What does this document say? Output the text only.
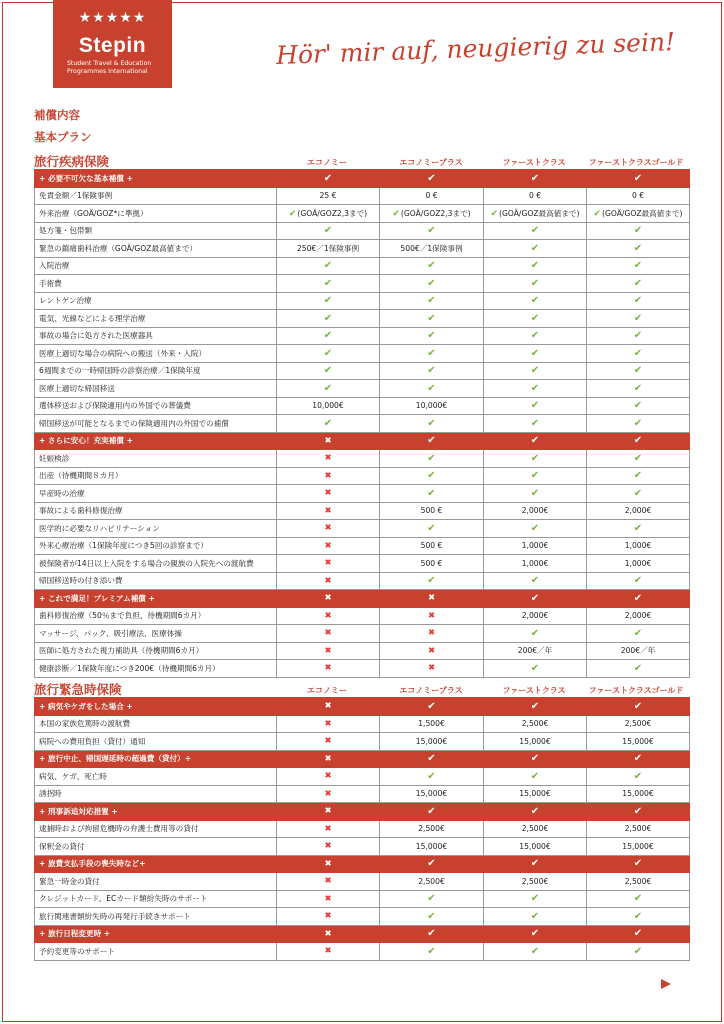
★★★★★
Stepin
Student Travel & Education
Programmes International
Hör' mir auf, neugierig zu sein!
補償内容
基本プラン
旅行疾病保険	エコノミー	エコノミープラス	ファーストクラス	ファーストクラスゴールド
+ 必要不可欠な基本補償 +	✔	✔	✔	✔
免責金額／1保険事例	25 €	0 €	0 €	0 €
外来治療（GOÄ/GOZ*に準拠）	✔(GOÄ/GOZ2,3まで)	✔(GOÄ/GOZ2,3まで)	✔(GOÄ/GOZ最高値まで)	✔(GOÄ/GOZ最高値まで)
処方箋・包帯類	✔	✔	✔	✔
緊急の鎮痛歯科治療（GOÄ/GOZ最高値まで）	250€／1保険事例	500€／1保険事例	✔	✔
入院治療	✔	✔	✔	✔
手術費	✔	✔	✔	✔
レントゲン治療	✔	✔	✔	✔
電気、光線などによる理学治療	✔	✔	✔	✔
事故の場合に処方された医療器具	✔	✔	✔	✔
医療上適切な場合の病院への搬送（外来・入院）	✔	✔	✔	✔
6週間までの一時帰国時の診察治療／1保険年度	✔	✔	✔	✔
医療上適切な帰国移送	✔	✔	✔	✔
遺体移送および保険適用内の外国での葬儀費	10,000€	10,000€	✔	✔
帰国移送が可能となるまでの保険適用内の外国での補償	✔	✔	✔	✔
+ さらに安心！充実補償 +	✖	✔	✔	✔
妊娠検診	✖	✔	✔	✔
出産（待機期間８カ月）	✖	✔	✔	✔
早産時の治療	✖	✔	✔	✔
事故による歯科修復治療	✖	500 €	2,000€	2,000€
医学的に必要なリハビリテーション	✖	✔	✔	✔
外来心療治療（1保険年度につき5回の診察まで）	✖	500 €	1,000€	1,000€
被保険者が14日以上入院をする場合の親族の入院先への渡航費	✖	500 €	1,000€	1,000€
帰国移送時の付き添い費	✖	✔	✔	✔
+ これで満足！プレミアム補償 +	✖	✖	✔	✔
歯科修復治療（50％まで負担、待機期間6カ月）	✖	✖	2,000€	2,000€
マッサージ、パック、吸引療法、医療体操	✖	✖	✔	✔
医師に処方された視力補助具（待機期間6カ月）	✖	✖	200€／年	200€／年
健康診断／1保険年度につき200€（待機期間6カ月）	✖	✖	✔	✔
旅行緊急時保険	エコノミー	エコノミープラス	ファーストクラス	ファーストクラスゴールド
+ 病気やケガをした場合 +	✖	✔	✔	✔
本国の家族危篤時の渡航費	✖	1,500€	2,500€	2,500€
病院への費用負担（貸付）通知	✖	15,000€	15,000€	15,000€
+ 旅行中止、帰国遅延時の超過費（貸付）+	✖	✔	✔	✔
病気、ケガ、死亡時	✖	✔	✔	✔
誘拐時	✖	15,000€	15,000€	15,000€
+ 刑事訴追対応措置 +	✖	✔	✔	✔
逮捕時および拘留危機時の弁護士費用等の貸付	✖	2,500€	2,500€	2,500€
保釈金の貸付	✖	15,000€	15,000€	15,000€
+ 旅費支払手段の喪失時など+	✖	✔	✔	✔
緊急一時金の貸付	✖	2,500€	2,500€	2,500€
クレジットカード、ECカード類紛失時のサポート	✖	✔	✔	✔
旅行関連書類紛失時の再発行手続きサポート	✖	✔	✔	✔
+ 旅行日程変更時 +	✖	✔	✔	✔
予約変更等のサポート	✖	✔	✔	✔
